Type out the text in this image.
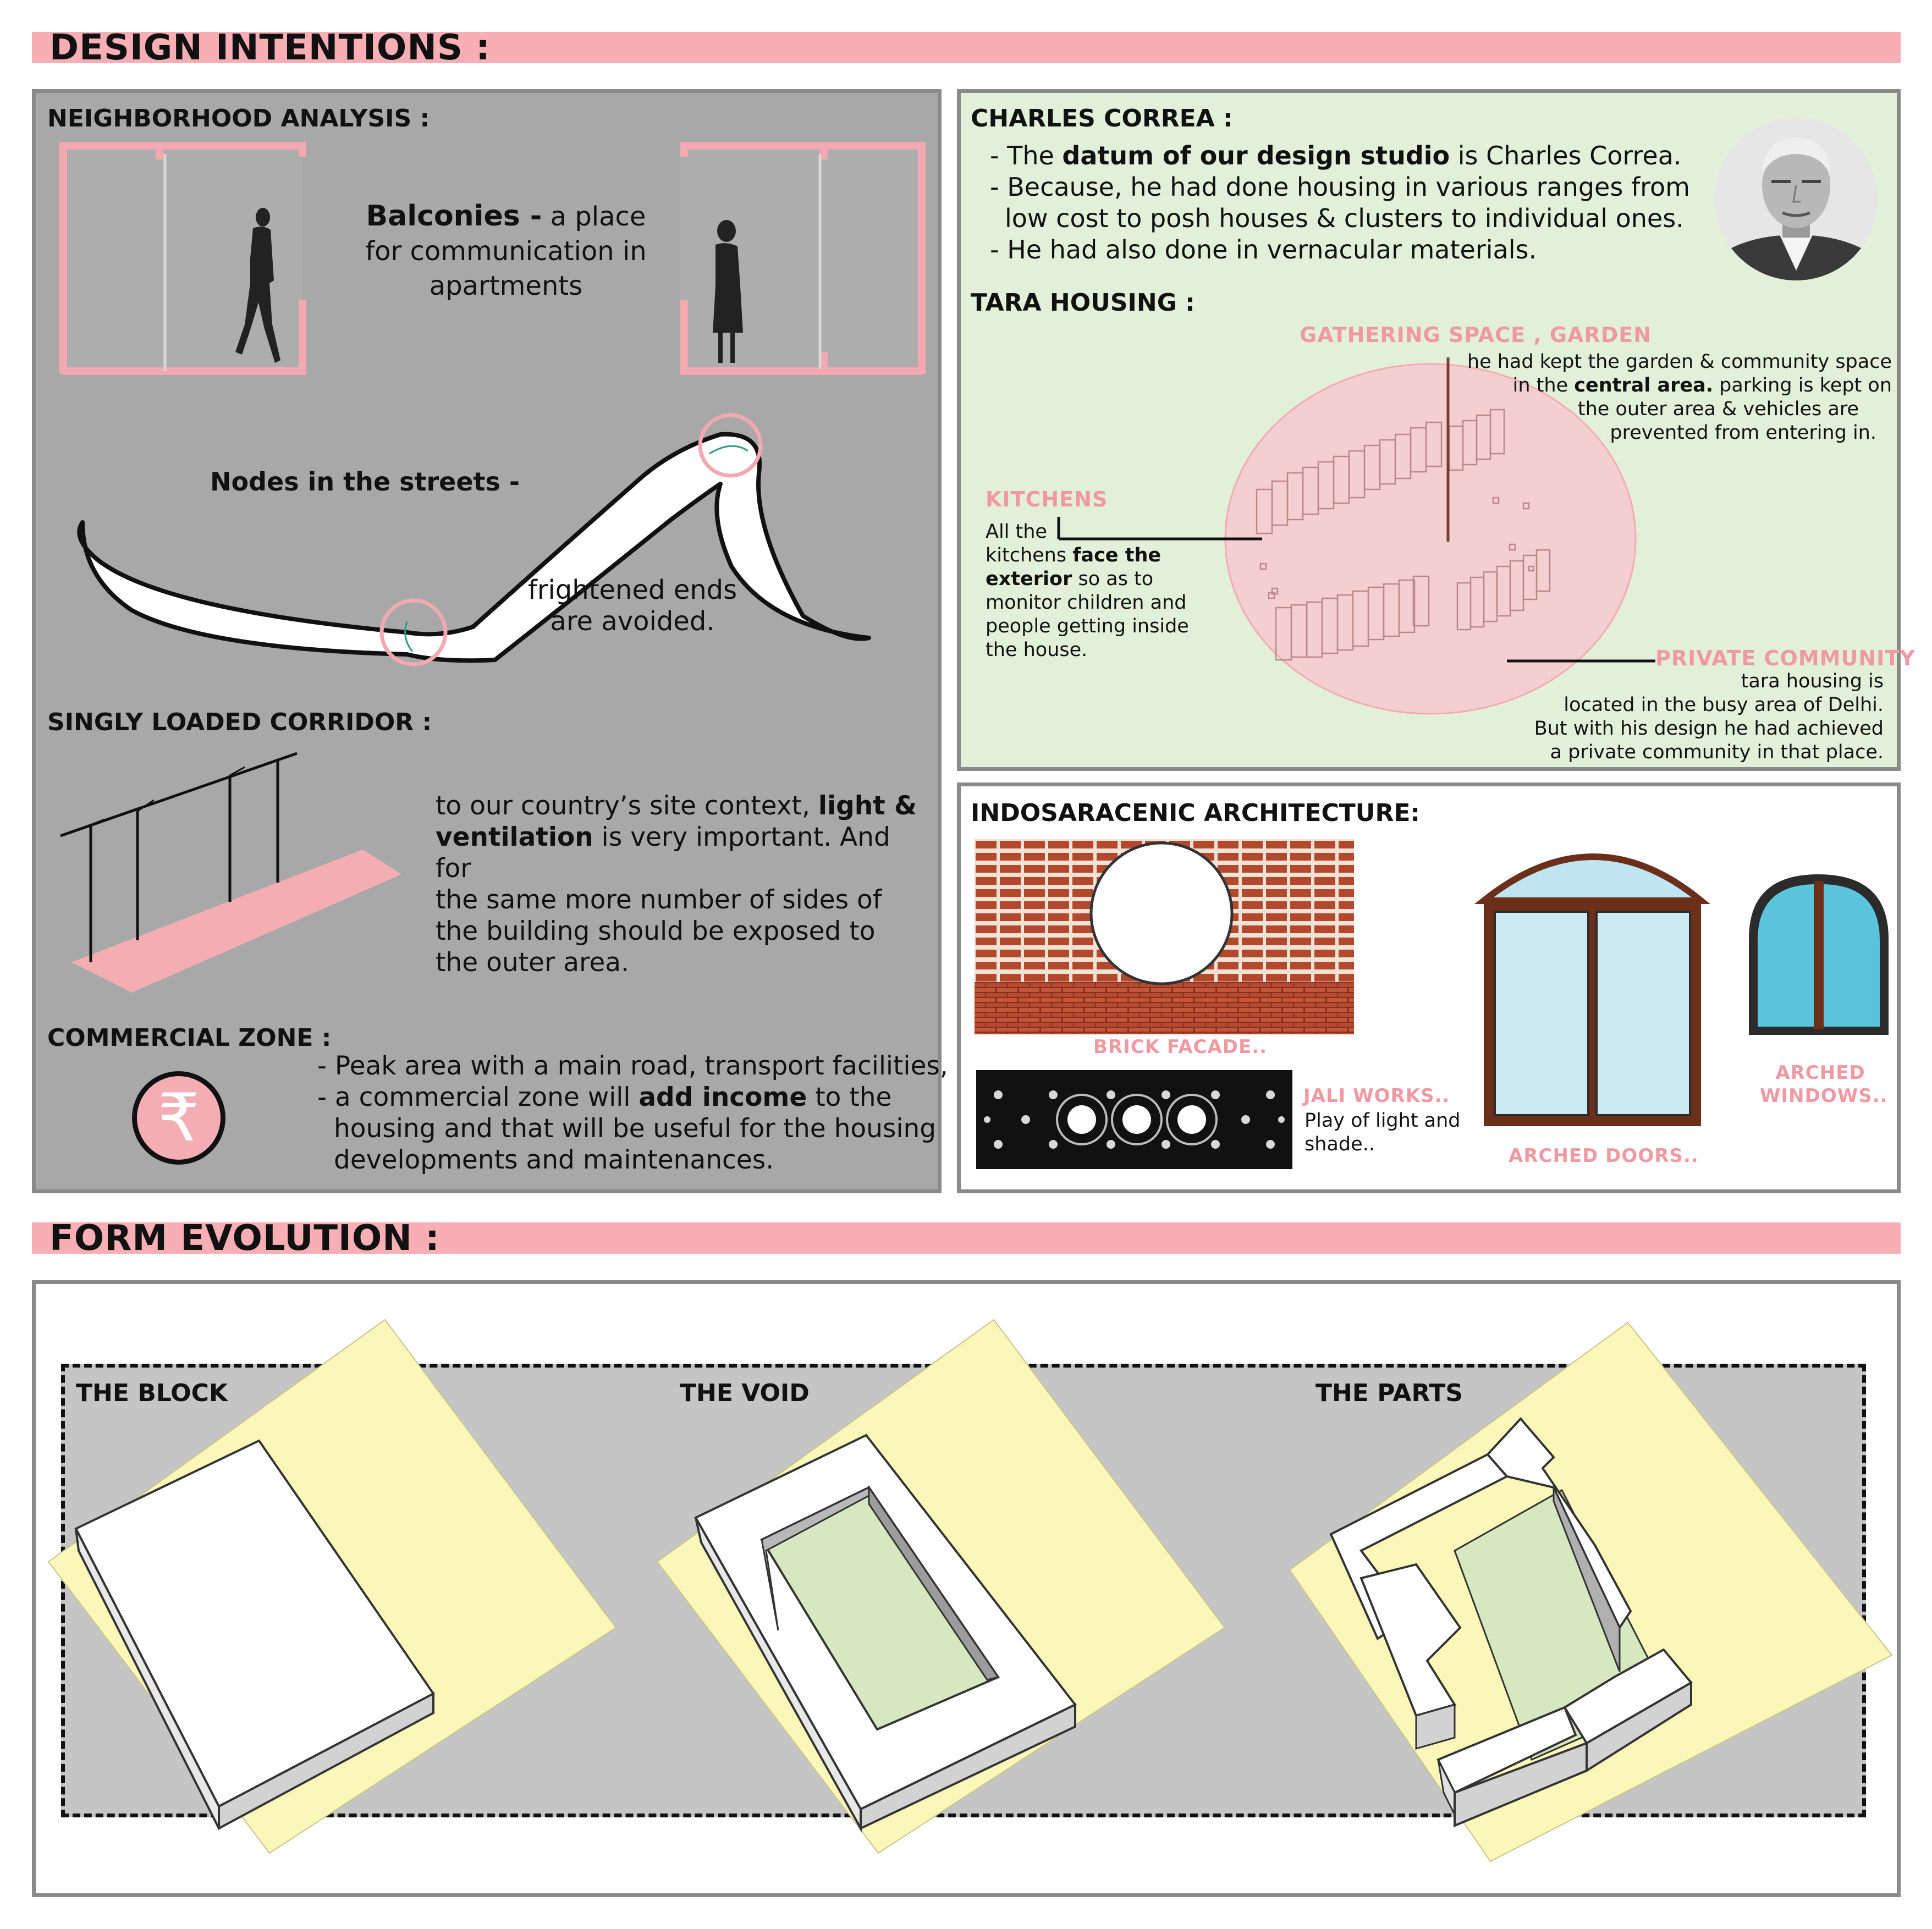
DESIGN INTENTIONS :
NEIGHBORHOOD ANALYSIS :
Balconies - a place
for communication in
apartments
Nodes in the streets -
frightened ends
are avoided.
SINGLY LOADED CORRIDOR :
to our country’s site context, light &
ventilation is very important. And for
the same more number of sides of
the building should be exposed to
the outer area.
COMMERCIAL ZONE :
₹
- Peak area with a main road, transport facilities,
- a commercial zone will add income to the
housing and that will be useful for the housing
developments and maintenances.
CHARLES CORREA :
- The datum of our design studio is Charles Correa.
- Because, he had done housing in various ranges from
low cost to posh houses & clusters to individual ones.
- He had also done in vernacular materials.
TARA HOUSING :
GATHERING SPACE , GARDEN
he had kept the garden & community space
in the central area. parking is kept on
the outer area & vehicles are
prevented from entering in.
KITCHENS
All the
kitchens face the
exterior so as to
monitor children and
people getting inside
the house.	PRIVATE COMMUNITY
tara housing is
located in the busy area of Delhi.
But with his design he had achieved
a private community in that place.
INDOSARACENIC ARCHITECTURE:
BRICK FACADE..
JALI WORKS..
Play of light and
shade..
ARCHED DOORS..
ARCHED
WINDOWS..
FORM EVOLUTION :
THE BLOCK	THE VOID	THE PARTS
